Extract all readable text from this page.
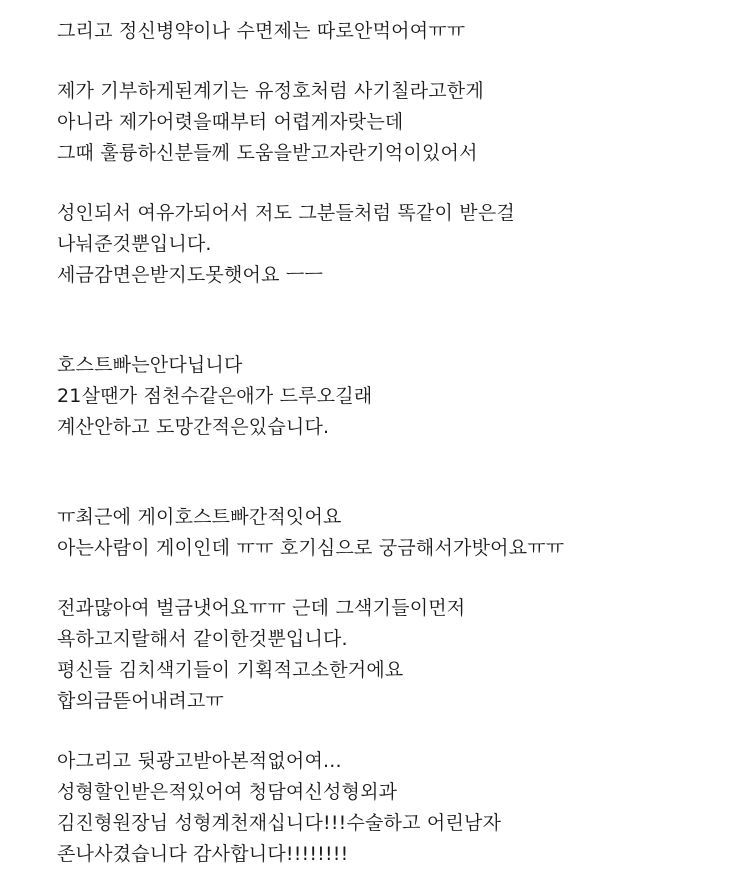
그리고 정신병약이나 수면제는 따로안먹어여ㅠㅠ
제가 기부하게된계기는 유정호처럼 사기칠라고한게
아니라 제가어렷을때부터 어렵게자랏는데
그때 훌륭하신분들께 도움을받고자란기억이있어서
성인되서 여유가되어서 저도 그분들처럼 똑같이 받은걸
나눠준것뿐입니다.
세금감면은받지도못햇어요 ㅡㅡ
호스트빠는안다닙니다
21살땐가 점천수같은애가 드루오길래
계산안하고 도망간적은있습니다.
ㅠ최근에 게이호스트빠간적잇어요
아는사람이 게이인데 ㅠㅠ 호기심으로 궁금해서가밧어요ㅠㅠ
전과많아여 벌금냇어요ㅠㅠ 근데 그색기들이먼저
욕하고지랄해서 같이한것뿐입니다.
평신들 김치색기들이 기획적고소한거에요
합의금뜯어내려고ㅠ
아그리고 뒷광고받아본적없어여...
성형할인받은적있어여 청담여신성형외과
김진형원장님 성형계천재십니다!!!수술하고 어린남자
존나사겼습니다 감사합니다!!!!!!!!
